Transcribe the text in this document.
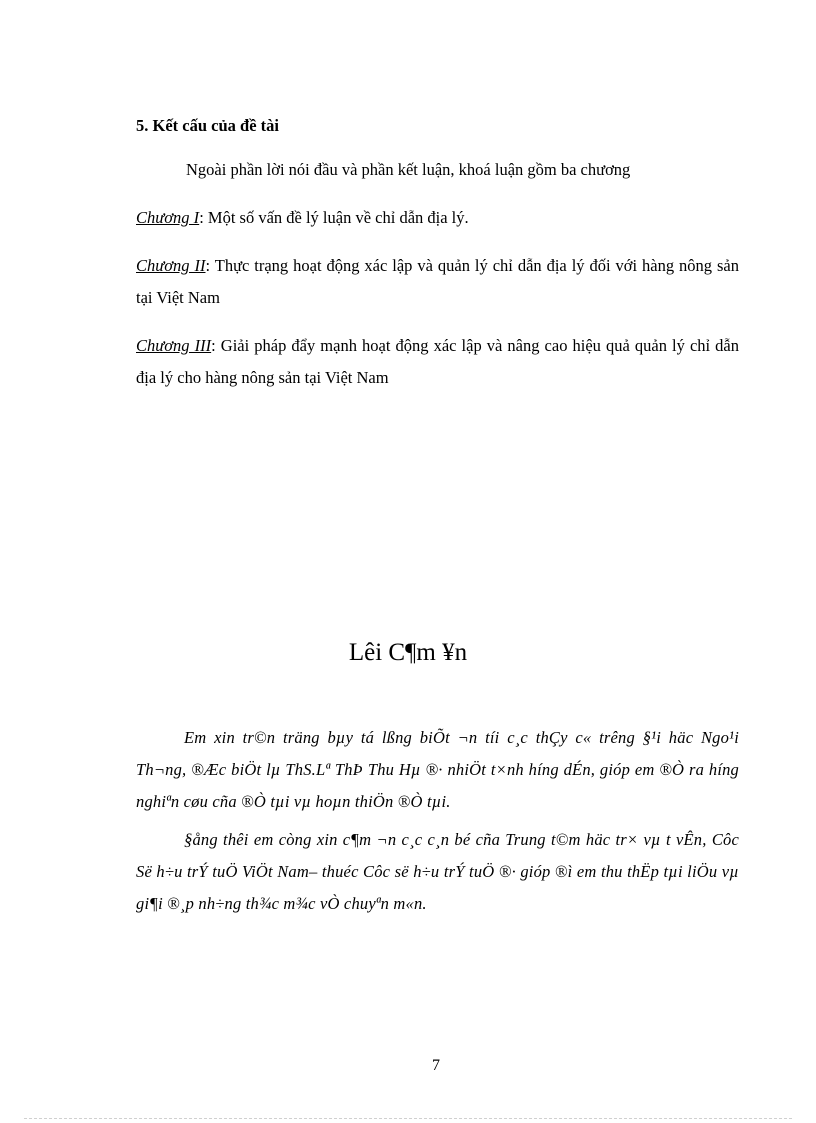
5. Kết cấu của đề tài

Ngoài phần lời nói đầu và phần kết luận, khoá luận gồm ba chương

Chương I: Một số vấn đề lý luận về chỉ dẫn địa lý.

Chương II: Thực trạng hoạt động xác lập và quản lý chỉ dẫn địa lý đối với hàng nông sản tại Việt Nam

Chương III: Giải pháp đẩy mạnh hoạt động xác lập và nâng cao hiệu quả quản lý chỉ dẫn địa lý cho hàng nông sản tại Việt Nam

Lêi C¶m ¥n

Em xin tr©n träng bµy tá lßng biÕt ¬n tíi c¸c thÇy c« trêng §¹i häc Ngo¹i Th¬ng, ®Æc biÖt lµ ThS.Lª ThÞ Thu Hµ ®· nhiÖt t×nh híng dÉn, gióp em ®Ò ra híng nghiªn cøu cña ®Ò tµi vµ hoµn thiÖn ®Ò tµi.

§ång thêi em còng xin c¶m ¬n c¸c c¸n bé cña Trung t©m häc tr× vµ t vÊn, Côc Së h÷u trÝ tuÖ ViÖt Nam– thuéc Côc së h÷u trÝ tuÖ ®· gióp ®ì em thu thËp tµi liÖu vµ gi¶i ®¸p nh÷ng th¾c m¾c vÒ chuyªn m«n.

7
